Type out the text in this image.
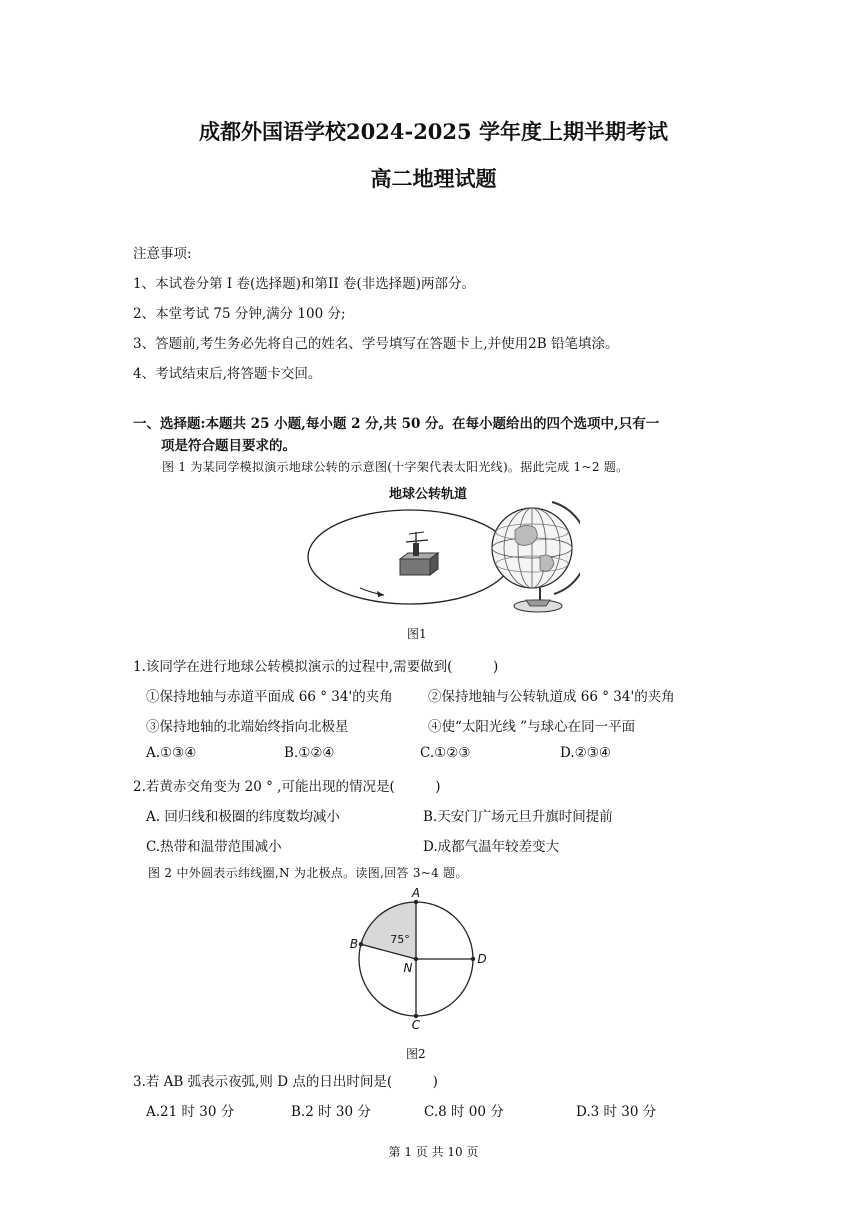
成都外国语学校2024-2025 学年度上期半期考试
高二地理试题
注意事项:
1、本试卷分第 I 卷(选择题)和第II 卷(非选择题)两部分。
2、本堂考试 75 分钟,满分 100 分;
3、答题前,考生务必先将自己的姓名、学号填写在答题卡上,并使用2B 铅笔填涂。
4、考试结束后,将答题卡交回。
一、选择题:本题共 25 小题,每小题 2 分,共 50 分。在每小题给出的四个选项中,只有一
项是符合题目要求的。
图 1 为某同学模拟演示地球公转的示意图(十字架代表太阳光线)。据此完成 1~2 题。
地球公转轨道
图1
1.该同学在进行地球公转模拟演示的过程中,需要做到(　　　)
①保持地轴与赤道平面成 66 ° 34'的夹角	②保持地轴与公转轨道成 66 ° 34'的夹角
③保持地轴的北端始终指向北极星	④使“太阳光线 ”与球心在同一平面
A.①③④	B.①②④	C.①②③	D.②③④
2.若黄赤交角变为 20 ° ,可能出现的情况是(　　　)
A. 回归线和极圈的纬度数均减小	B.天安门广场元旦升旗时间提前
C.热带和温带范围减小	D.成都气温年较差变大
图 2 中外圆表示纬线圈,N 为北极点。读图,回答 3~4 题。
A
B
C
D
N
75°
图2
3.若 AB 弧表示夜弧,则 D 点的日出时间是(　　　)
A.21 时 30 分	B.2 时 30 分	C.8 时 00 分	D.3 时 30 分
第 1 页 共 10 页
